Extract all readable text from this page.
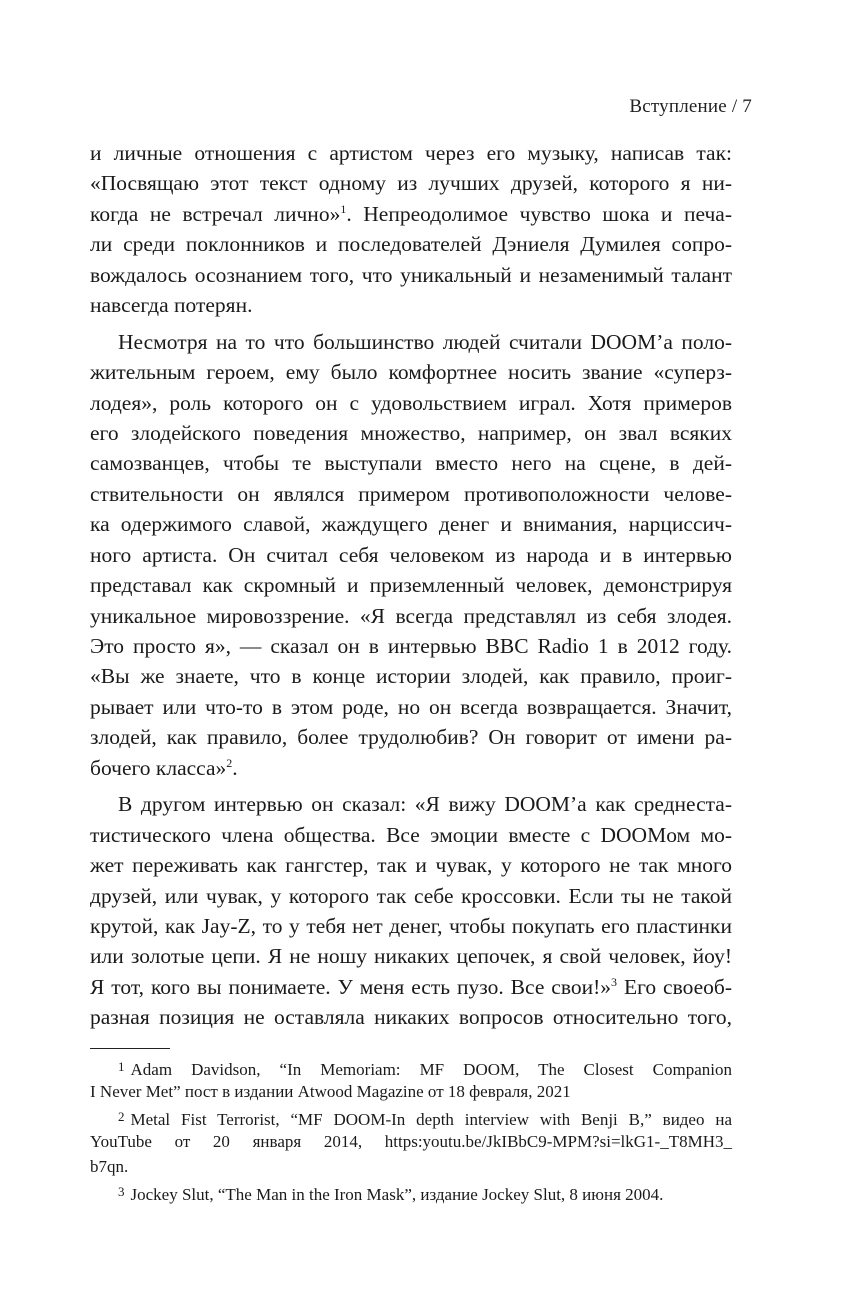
Вступление / 7
и личные отношения с артистом через его музыку, написав так:
«Посвящаю этот текст одному из лучших друзей, которого я ни-
когда не встречал лично»$^1$. Непреодолимое чувство шока и печа-
ли среди поклонников и последователей Дэниеля Думилея сопро-
вождалось осознанием того, что уникальный и незаменимый талант
навсегда потерян.
Несмотря на то что большинство людей считали DOOM’а поло-
жительным героем, ему было комфортнее носить звание «суперз-
лодея», роль которого он с удовольствием играл. Хотя примеров
его злодейского поведения множество, например, он звал всяких
самозванцев, чтобы те выступали вместо него на сцене, в дей-
ствительности он являлся примером противоположности челове-
ка одержимого славой, жаждущего денег и внимания, нарциссич-
ного артиста. Он считал себя человеком из народа и в интервью
представал как скромный и приземленный человек, демонстрируя
уникальное мировоззрение. «Я всегда представлял из себя злодея.
Это просто я», — сказал он в интервью BBC Radio 1 в 2012 году.
«Вы же знаете, что в конце истории злодей, как правило, проиг-
рывает или что-то в этом роде, но он всегда возвращается. Значит,
злодей, как правило, более трудолюбив? Он говорит от имени ра-
бочего класса»$^2$.
В другом интервью он сказал: «Я вижу DOOM’а как среднеста-
тистического члена общества. Все эмоции вместе с DOOMом мо-
жет переживать как гангстер, так и чувак, у которого не так много
друзей, или чувак, у которого так себе кроссовки. Если ты не такой
крутой, как Jay-Z, то у тебя нет денег, чтобы покупать его пластинки
или золотые цепи. Я не ношу никаких цепочек, я свой человек, йоу!
Я тот, кого вы понимаете. У меня есть пузо. Все свои!»$^3$ Его своеоб-
разная позиция не оставляла никаких вопросов относительно того,
$^1$ Adam Davidson, “In Memoriam: MF DOOM, The Closest Companion
I Never Met” пост в издании Atwood Magazine от 18 февраля, 2021
$^2$ Metal Fist Terrorist, “MF DOOM-In depth interview with Benji B,” видео на
YouTube от 20 января 2014, https:youtu.be/JkIBbC9-MPM?si=lkG1-_T8MH3_
b7qn.
$^3$ Jockey Slut, “The Man in the Iron Mask”, издание Jockey Slut, 8 июня 2004.
